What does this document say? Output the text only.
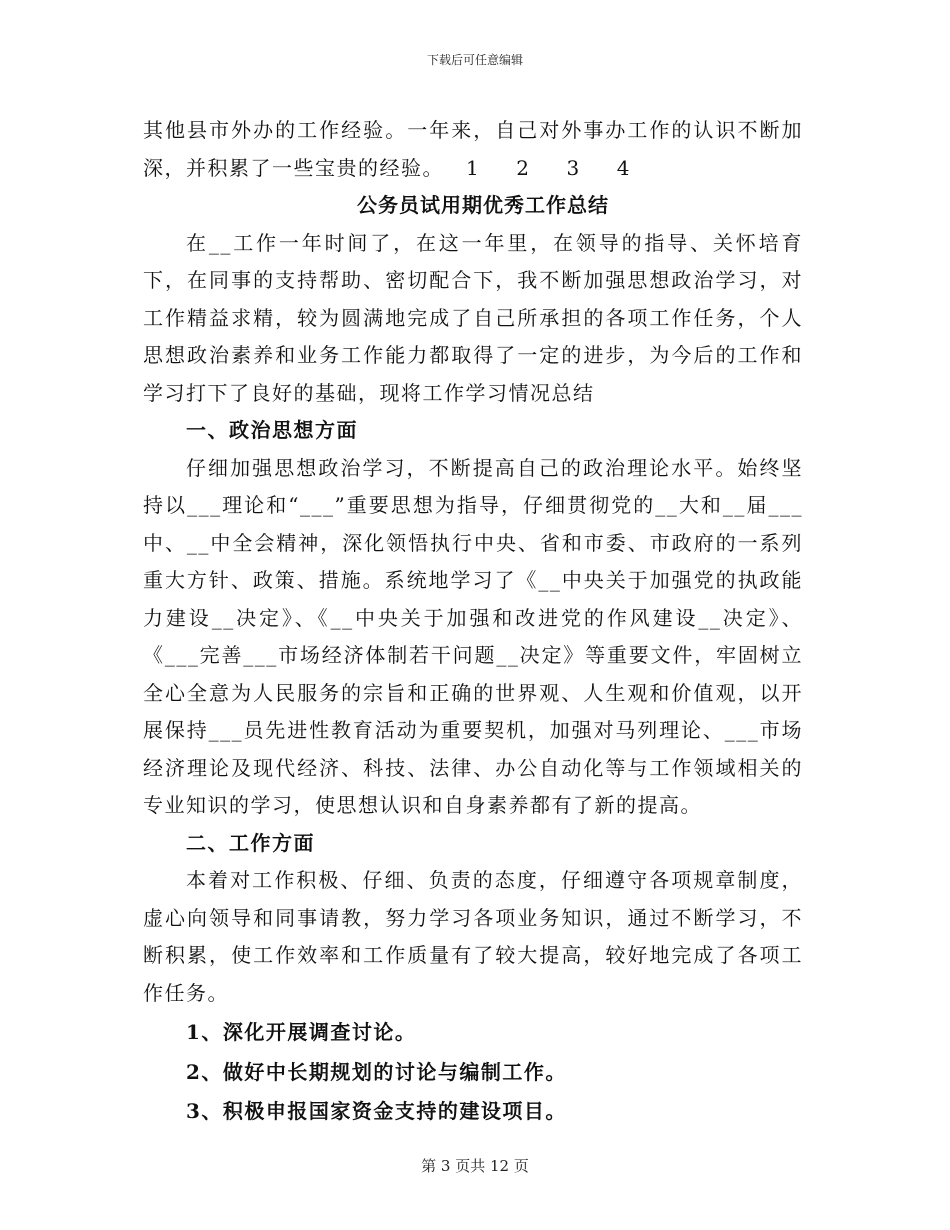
下载后可任意编辑

其他县市外办的工作经验。一年来，自己对外事办工作的认识不断加深，并积累了一些宝贵的经验。 1 2 3 4

公务员试用期优秀工作总结

在__工作一年时间了，在这一年里，在领导的指导、关怀培育下，在同事的支持帮助、密切配合下，我不断加强思想政治学习，对工作精益求精，较为圆满地完成了自己所承担的各项工作任务，个人思想政治素养和业务工作能力都取得了一定的进步，为今后的工作和学习打下了良好的基础，现将工作学习情况总结

一、政治思想方面

仔细加强思想政治学习，不断提高自己的政治理论水平。始终坚持以___理论和“___”重要思想为指导，仔细贯彻党的__大和__届___中、__中全会精神，深化领悟执行中央、省和市委、市政府的一系列重大方针、政策、措施。系统地学习了《__中央关于加强党的执政能力建设__决定》、《__中央关于加强和改进党的作风建设__决定》、《___完善___市场经济体制若干问题__决定》等重要文件，牢固树立全心全意为人民服务的宗旨和正确的世界观、人生观和价值观，以开展保持___员先进性教育活动为重要契机，加强对马列理论、___市场经济理论及现代经济、科技、法律、办公自动化等与工作领域相关的专业知识的学习，使思想认识和自身素养都有了新的提高。

二、工作方面

本着对工作积极、仔细、负责的态度，仔细遵守各项规章制度，虚心向领导和同事请教，努力学习各项业务知识，通过不断学习，不断积累，使工作效率和工作质量有了较大提高，较好地完成了各项工作任务。

1、深化开展调查讨论。

2、做好中长期规划的讨论与编制工作。

3、积极申报国家资金支持的建设项目。

第 3 页共 12 页
